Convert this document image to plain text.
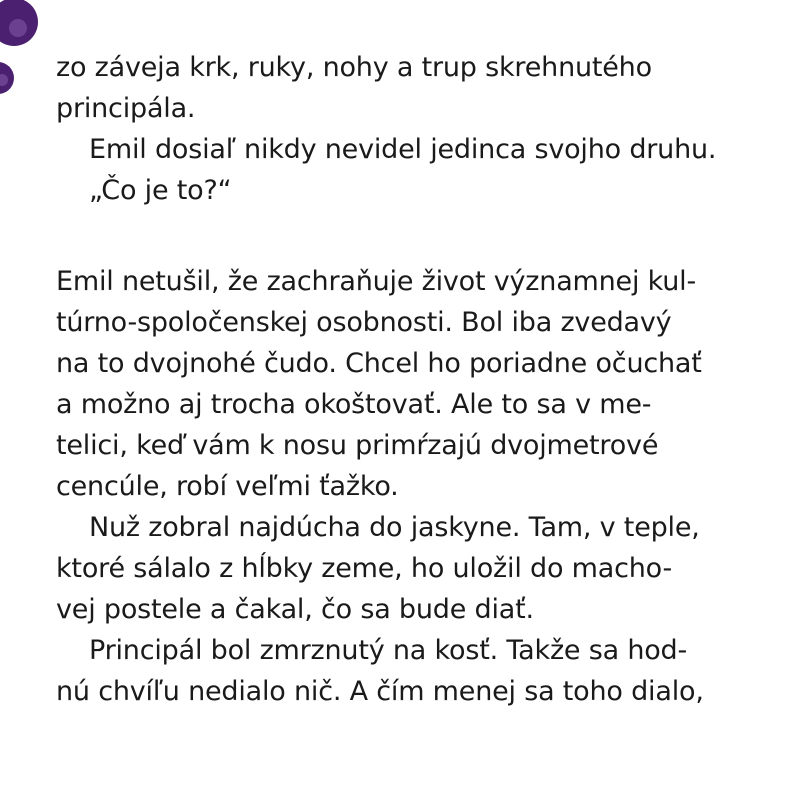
zo záveja krk, ruky, nohy a trup skrehnutého
principála.
Emil dosiaľ nikdy nevidel jedinca svojho druhu.
„Čo je to?“
Emil netušil, že zachraňuje život významnej kul-
túrno-spoločenskej osobnosti. Bol iba zvedavý
na to dvojnohé čudo. Chcel ho poriadne očuchať
a možno aj trocha okoštovať. Ale to sa v me-
telici, keď vám k nosu primŕzajú dvojmetrové
cencúle, robí veľmi ťažko.
Nuž zobral najdúcha do jaskyne. Tam, v teple,
ktoré sálalo z hĺbky zeme, ho uložil do macho-
vej postele a čakal, čo sa bude diať.
Principál bol zmrznutý na kosť. Takže sa hod-
nú chvíľu nedialo nič. A čím menej sa toho dialo,
